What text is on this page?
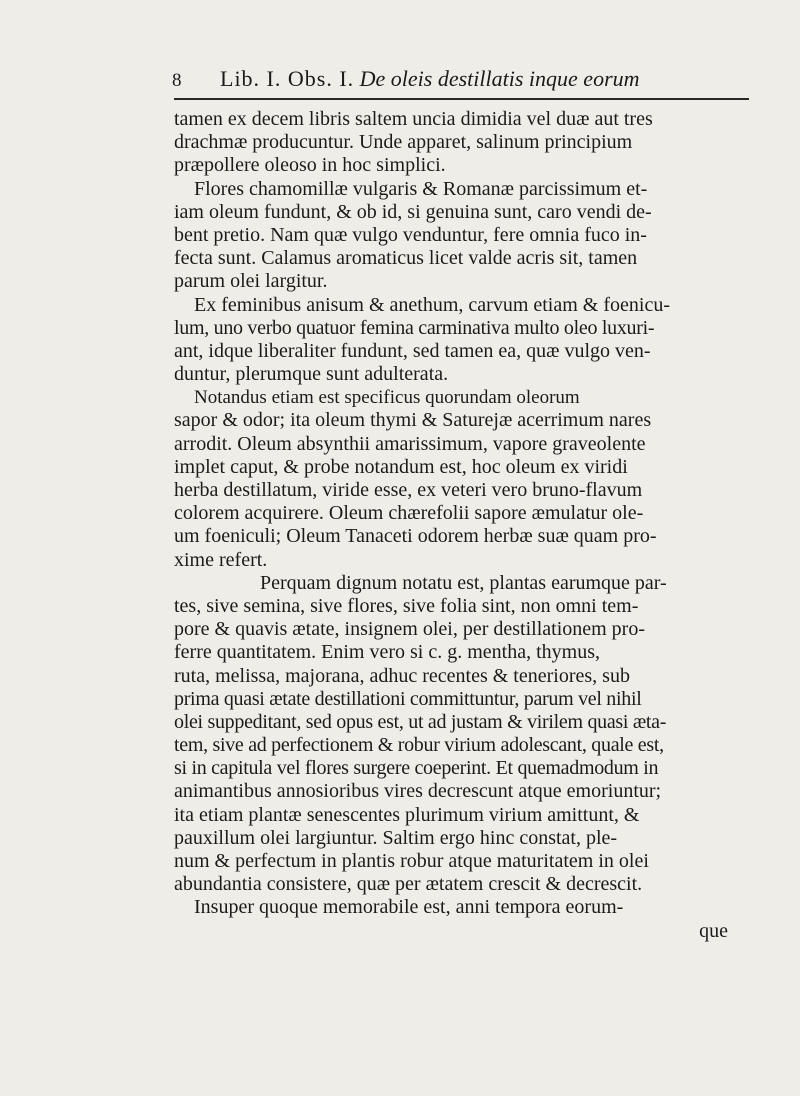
8 Lib. I. Obs. I. De oleis destillatis inque eorum
tamen ex decem libris saltem uncia dimidia vel duæ aut tres
drachmæ producuntur. Unde apparet, salinum principium
præpollere oleoso in hoc simplici.
Flores chamomillæ vulgaris & Romanæ parcissimum et-
iam oleum fundunt, & ob id, si genuina sunt, caro vendi de-
bent pretio. Nam quæ vulgo venduntur, fere omnia fuco in-
fecta sunt. Calamus aromaticus licet valde acris sit, tamen
parum olei largitur.
Ex feminibus anisum & anethum, carvum etiam & foenicu-
lum, uno verbo quatuor femina carminativa multo oleo luxuri-
ant, idque liberaliter fundunt, sed tamen ea, quæ vulgo ven-
duntur, plerumque sunt adulterata.
Notandus etiam est specificus quorundam oleorum
sapor & odor; ita oleum thymi & Saturejæ acerrimum nares
arrodit. Oleum absynthii amarissimum, vapore graveolente
implet caput, & probe notandum est, hoc oleum ex viridi
herba destillatum, viride esse, ex veteri vero bruno-flavum
colorem acquirere. Oleum chærefolii sapore æmulatur ole-
um foeniculi; Oleum Tanaceti odorem herbæ suæ quam pro-
xime refert.
Perquam dignum notatu est, plantas earumque par-
tes, sive semina, sive flores, sive folia sint, non omni tem-
pore & quavis ætate, insignem olei, per destillationem pro-
ferre quantitatem. Enim vero si c. g. mentha, thymus,
ruta, melissa, majorana, adhuc recentes & teneriores, sub
prima quasi ætate destillationi committuntur, parum vel nihil
olei suppeditant, sed opus est, ut ad justam & virilem quasi æta-
tem, sive ad perfectionem & robur virium adolescant, quale est,
si in capitula vel flores surgere coeperint. Et quemadmodum in
animantibus annosioribus vires decrescunt atque emoriuntur;
ita etiam plantæ senescentes plurimum virium amittunt, &
pauxillum olei largiuntur. Saltim ergo hinc constat, ple-
num & perfectum in plantis robur atque maturitatem in olei
abundantia consistere, quæ per ætatem crescit & decrescit.
Insuper quoque memorabile est, anni tempora eorum-
que
